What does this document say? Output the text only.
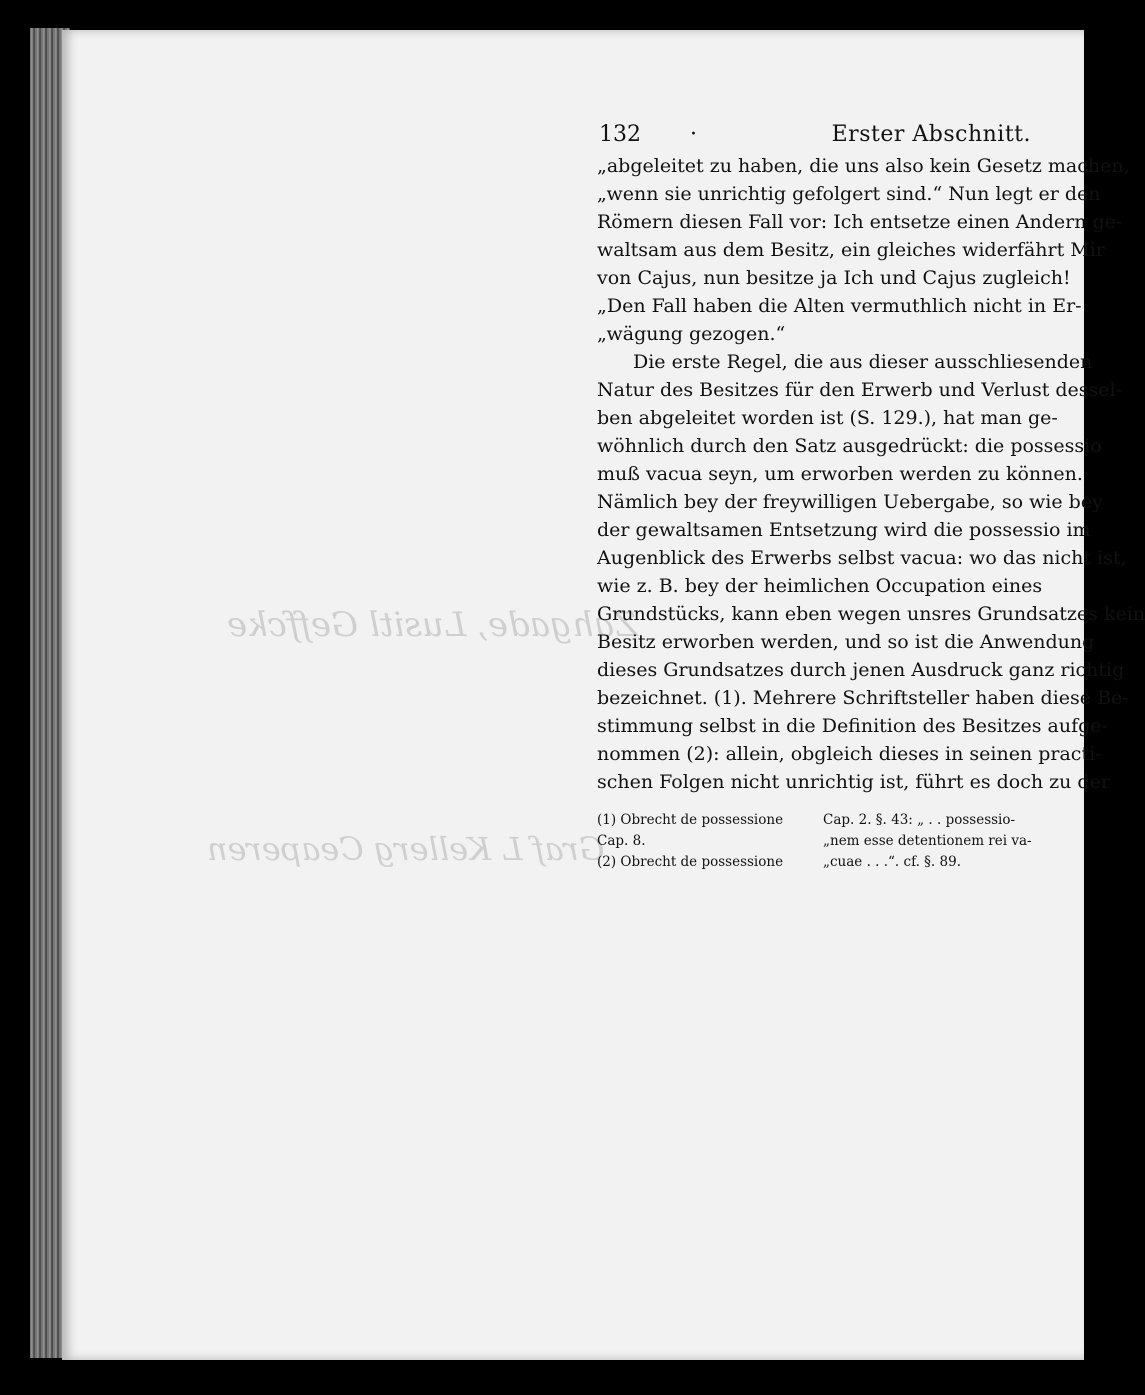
Zahgade, Lusitl Geffcke
Graf L Kellerg Ceaperen
132 ·	Erster Abschnitt.
„abgeleitet zu haben, die uns also kein Gesetz machen,
„wenn sie unrichtig gefolgert sind.“ Nun legt er den
Römern diesen Fall vor: Ich entsetze einen Andern ge-
waltsam aus dem Besitz, ein gleiches widerfährt Mir
von Cajus, nun besitze ja Ich und Cajus zugleich!
„Den Fall haben die Alten vermuthlich nicht in Er-
„wägung gezogen.“
Die erste Regel, die aus dieser ausschliesenden
Natur des Besitzes für den Erwerb und Verlust dessel-
ben abgeleitet worden ist (S. 129.), hat man ge-
wöhnlich durch den Satz ausgedrückt: die possessio
muß vacua seyn, um erworben werden zu können.
Nämlich bey der freywilligen Uebergabe, so wie bey
der gewaltsamen Entsetzung wird die possessio im
Augenblick des Erwerbs selbst vacua: wo das nicht ist,
wie z. B. bey der heimlichen Occupation eines
Grundstücks, kann eben wegen unsres Grundsatzes kein
Besitz erworben werden, und so ist die Anwendung
dieses Grundsatzes durch jenen Ausdruck ganz richtig
bezeichnet. (1). Mehrere Schriftsteller haben diese Be-
stimmung selbst in die Definition des Besitzes aufge-
nommen (2): allein, obgleich dieses in seinen practi-
schen Folgen nicht unrichtig ist, führt es doch zu der
(1) Obrecht de possessione
Cap. 8.
(2) Obrecht de possessione
Cap. 2. §. 43: „ . . possessio-
„nem esse detentionem rei va-
„cuae . . .“. cf. §. 89.
